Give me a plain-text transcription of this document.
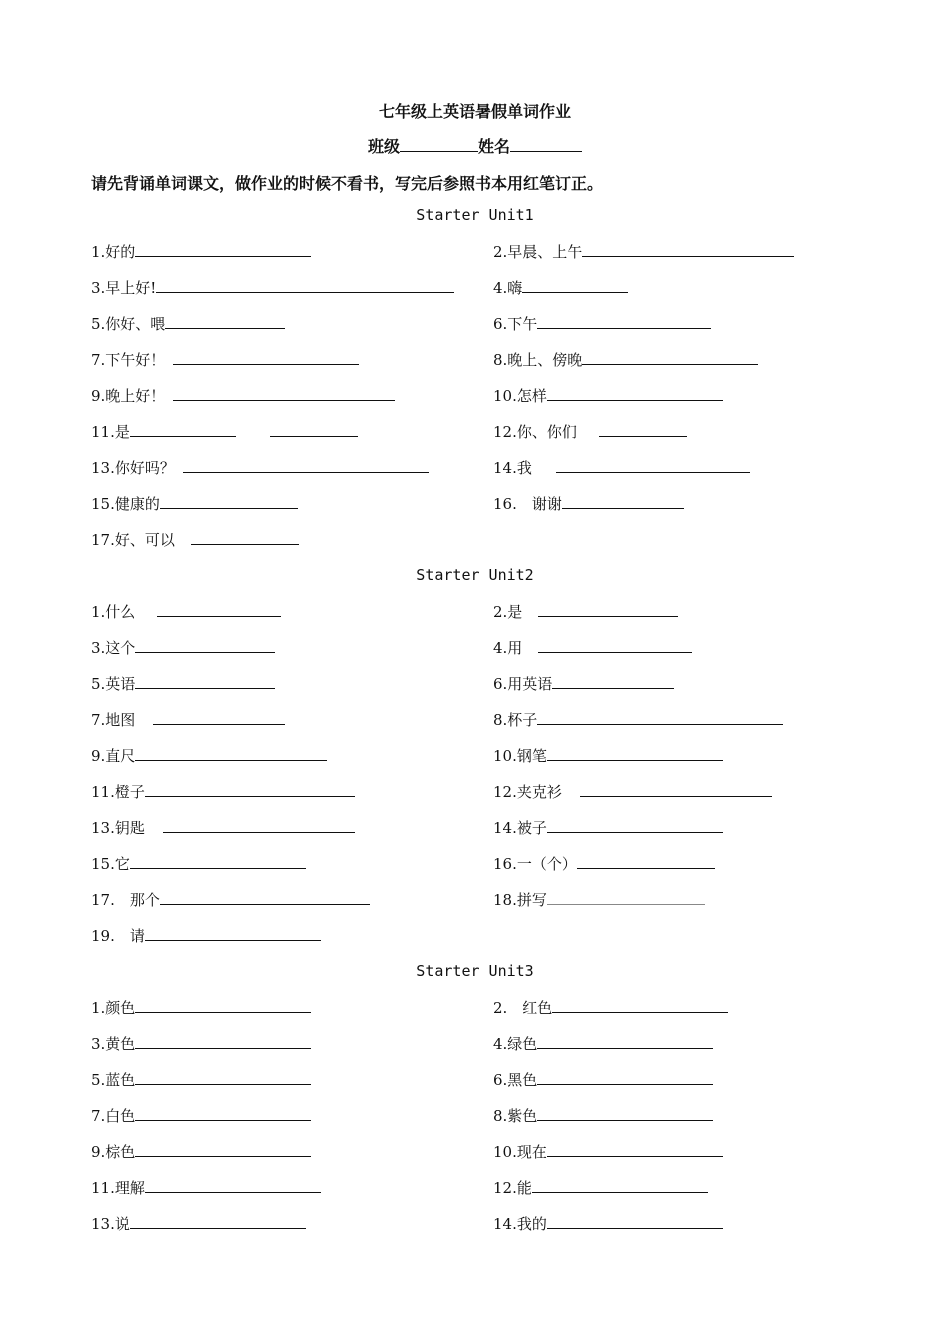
七年级上英语暑假单词作业
班级	姓名
请先背诵单词课文，做作业的时候不看书，写完后参照书本用红笔订正。
Starter Unit1
Starter Unit2
Starter Unit3
1.好的	2.早晨、上午
3.早上好!	4.嗨
5.你好、喂	6.下午
7.下午好！	8.晚上、傍晚
9.晚上好！	10.怎样
11.是	12.你、你们
13.你好吗？	14.我
15.健康的	16.　谢谢
17.好、可以
1.什么	2.是
3.这个	4.用
5.英语	6.用英语
7.地图	8.杯子
9.直尺	10.钢笔
11.橙子	12.夹克衫
13.钥匙	14.被子
15.它	16.一（个）
17.　那个	18.拼写
19.　请
1.颜色	2.　红色
3.黄色	4.绿色
5.蓝色	6.黑色
7.白色	8.紫色
9.棕色	10.现在
11.理解	12.能
13.说	14.我的
